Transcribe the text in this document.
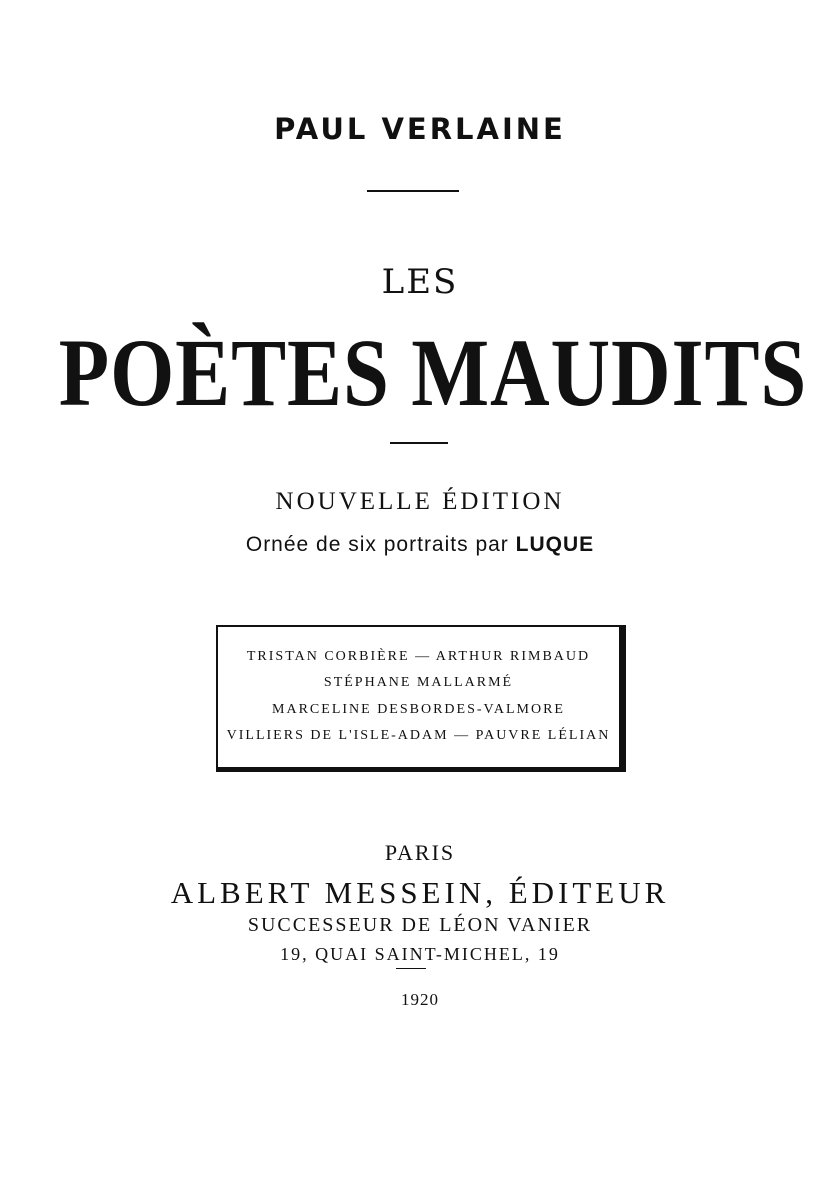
PAUL VERLAINE
LES
POÈTES MAUDITS
NOUVELLE ÉDITION
Ornée de six portraits par LUQUE
TRISTAN CORBIÈRE — ARTHUR RIMBAUD
STÉPHANE MALLARMÉ
MARCELINE DESBORDES-VALMORE
VILLIERS DE L'ISLE-ADAM — PAUVRE LÉLIAN
PARIS
ALBERT MESSEIN, ÉDITEUR
SUCCESSEUR DE LÉON VANIER
19, QUAI SAINT-MICHEL, 19
1920
